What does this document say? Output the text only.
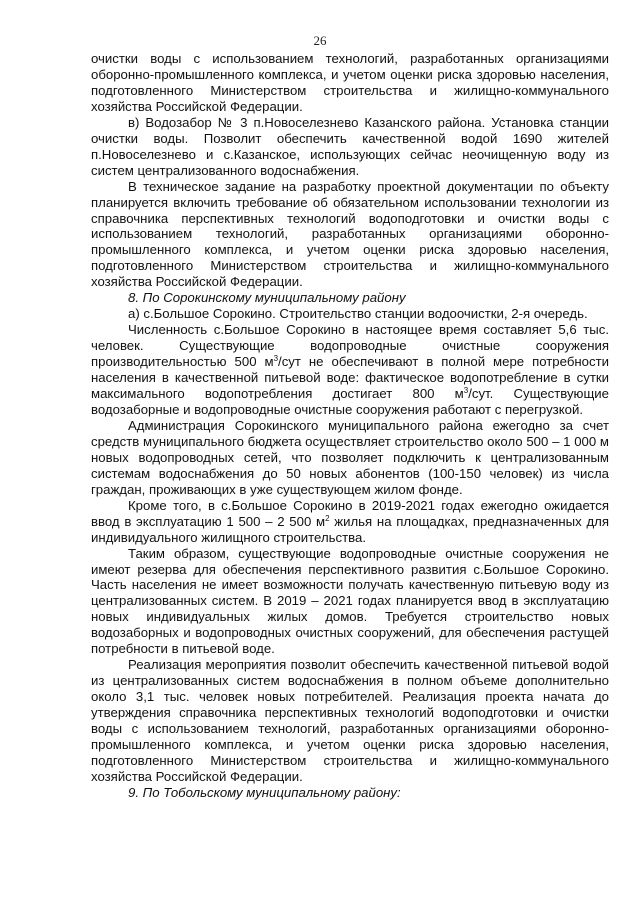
26

очистки воды с использованием технологий, разработанных организациями оборонно-промышленного комплекса, и учетом оценки риска здоровью населения, подготовленного Министерством строительства и жилищно-коммунального хозяйства Российской Федерации.

в) Водозабор № 3 п.Новоселезнево Казанского района. Установка станции очистки воды. Позволит обеспечить качественной водой 1690 жителей п.Новоселезнево и с.Казанское, использующих сейчас неочищенную воду из систем централизованного водоснабжения.

В техническое задание на разработку проектной документации по объекту планируется включить требование об обязательном использовании технологии из справочника перспективных технологий водоподготовки и очистки воды с использованием технологий, разработанных организациями оборонно-промышленного комплекса, и учетом оценки риска здоровью населения, подготовленного Министерством строительства и жилищно-коммунального хозяйства Российской Федерации.

8. По Сорокинскому муниципальному району

а) с.Большое Сорокино. Строительство станции водоочистки, 2-я очередь.

Численность с.Большое Сорокино в настоящее время составляет 5,6 тыс. человек. Существующие водопроводные очистные сооружения производительностью 500 $м^3$/сут не обеспечивают в полной мере потребности населения в качественной питьевой воде: фактическое водопотребление в сутки максимального водопотребления достигает 800 $м^3$/сут. Существующие водозаборные и водопроводные очистные сооружения работают с перегрузкой.

Администрация Сорокинского муниципального района ежегодно за счет средств муниципального бюджета осуществляет строительство около 500 – 1 000 м новых водопроводных сетей, что позволяет подключить к централизованным системам водоснабжения до 50 новых абонентов (100-150 человек) из числа граждан, проживающих в уже существующем жилом фонде.

Кроме того, в с.Большое Сорокино в 2019-2021 годах ежегодно ожидается ввод в эксплуатацию 1 500 – 2 500 $м^2$ жилья на площадках, предназначенных для индивидуального жилищного строительства.

Таким образом, существующие водопроводные очистные сооружения не имеют резерва для обеспечения перспективного развития с.Большое Сорокино. Часть населения не имеет возможности получать качественную питьевую воду из централизованных систем. В 2019 – 2021 годах планируется ввод в эксплуатацию новых индивидуальных жилых домов. Требуется строительство новых водозаборных и водопроводных очистных сооружений, для обеспечения растущей потребности в питьевой воде.

Реализация мероприятия позволит обеспечить качественной питьевой водой из централизованных систем водоснабжения в полном объеме дополнительно около 3,1 тыс. человек новых потребителей. Реализация проекта начата до утверждения справочника перспективных технологий водоподготовки и очистки воды с использованием технологий, разработанных организациями оборонно-промышленного комплекса, и учетом оценки риска здоровью населения, подготовленного Министерством строительства и жилищно-коммунального хозяйства Российской Федерации.

9. По Тобольскому муниципальному району:
